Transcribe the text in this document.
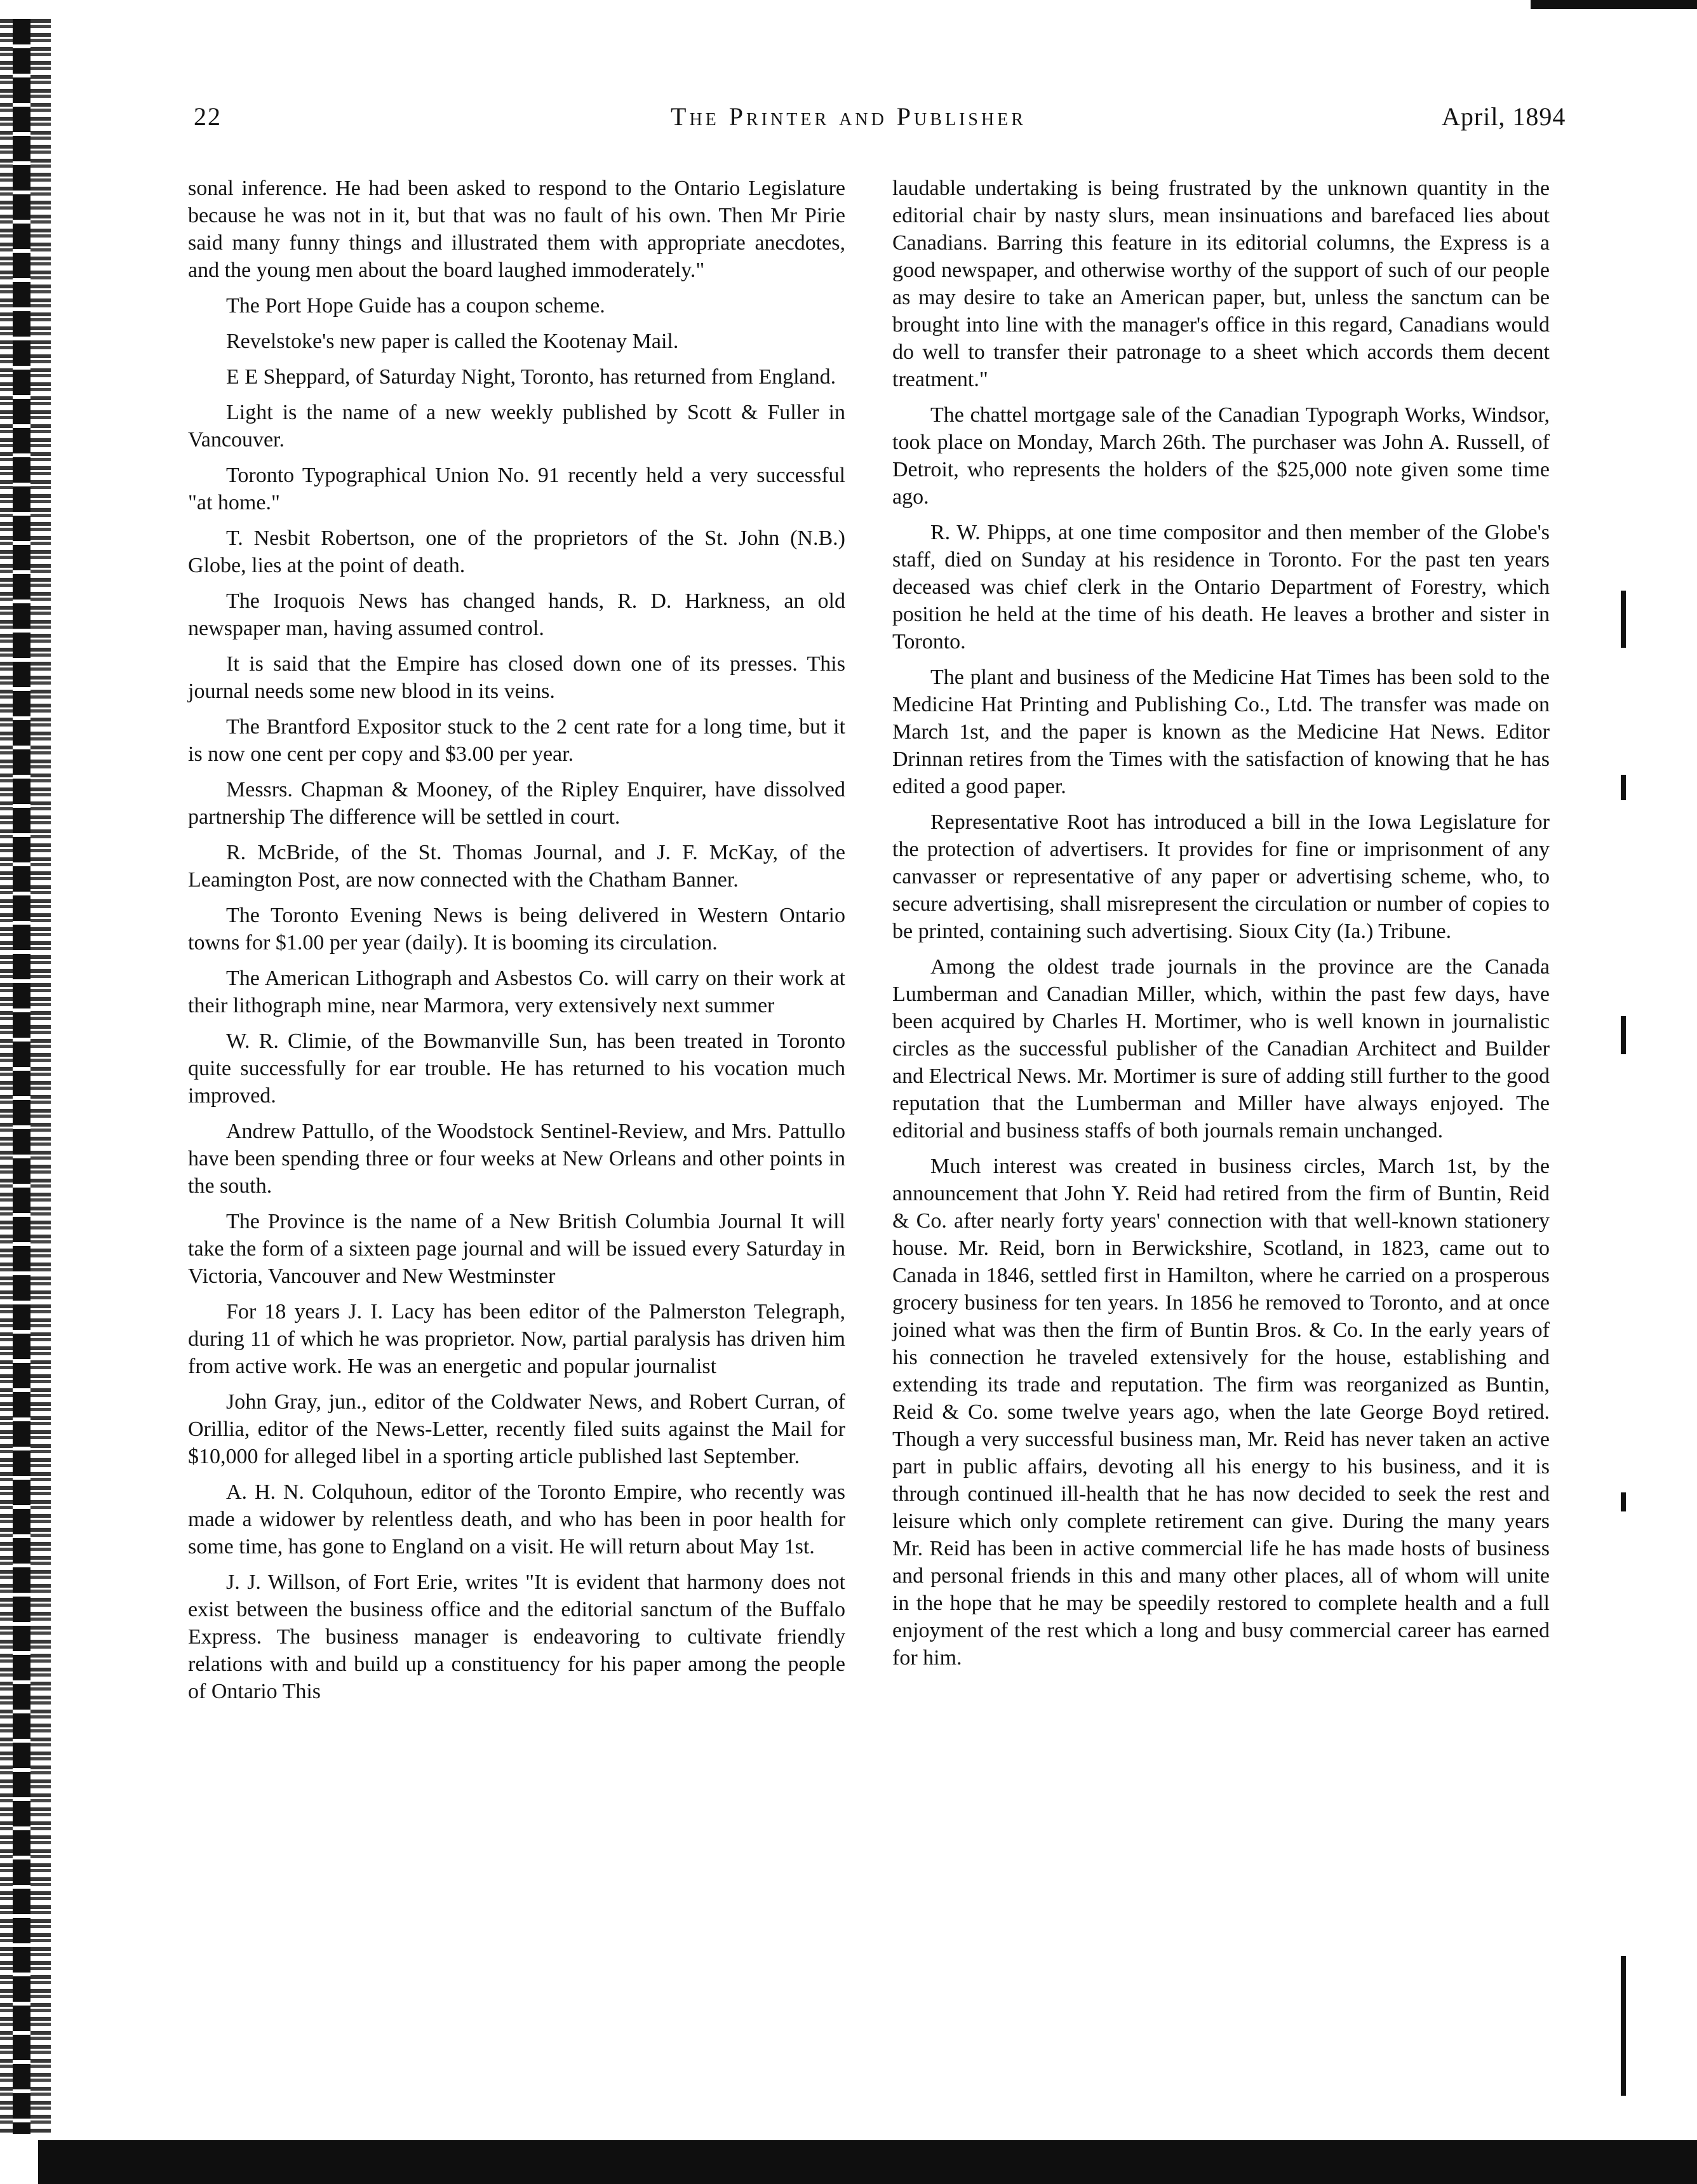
The Printer and Publisher
22	April, 1894

sonal inference. He had been asked to respond to the Ontario Legislature because he was not in it, but that was no fault of his own. Then Mr Pirie said many funny things and illustrated them with appropriate anecdotes, and the young men about the board laughed immoderately."

The Port Hope Guide has a coupon scheme.

Revelstoke's new paper is called the Kootenay Mail.

E E Sheppard, of Saturday Night, Toronto, has returned from England.

Light is the name of a new weekly published by Scott & Fuller in Vancouver.

Toronto Typographical Union No. 91 recently held a very successful "at home."

T. Nesbit Robertson, one of the proprietors of the St. John (N.B.) Globe, lies at the point of death.

The Iroquois News has changed hands, R. D. Harkness, an old newspaper man, having assumed control.

It is said that the Empire has closed down one of its presses. This journal needs some new blood in its veins.

The Brantford Expositor stuck to the 2 cent rate for a long time, but it is now one cent per copy and $3.00 per year.

Messrs. Chapman & Mooney, of the Ripley Enquirer, have dissolved partnership The difference will be settled in court.

R. McBride, of the St. Thomas Journal, and J. F. McKay, of the Leamington Post, are now connected with the Chatham Banner.

The Toronto Evening News is being delivered in Western Ontario towns for $1.00 per year (daily). It is booming its circulation.

The American Lithograph and Asbestos Co. will carry on their work at their lithograph mine, near Marmora, very extensively next summer

W. R. Climie, of the Bowmanville Sun, has been treated in Toronto quite successfully for ear trouble. He has returned to his vocation much improved.

Andrew Pattullo, of the Woodstock Sentinel-Review, and Mrs. Pattullo have been spending three or four weeks at New Orleans and other points in the south.

The Province is the name of a New British Columbia Journal It will take the form of a sixteen page journal and will be issued every Saturday in Victoria, Vancouver and New Westminster

For 18 years J. I. Lacy has been editor of the Palmerston Telegraph, during 11 of which he was proprietor. Now, partial paralysis has driven him from active work. He was an energetic and popular journalist

John Gray, jun., editor of the Coldwater News, and Robert Curran, of Orillia, editor of the News-Letter, recently filed suits against the Mail for $10,000 for alleged libel in a sporting article published last September.

A. H. N. Colquhoun, editor of the Toronto Empire, who recently was made a widower by relentless death, and who has been in poor health for some time, has gone to England on a visit. He will return about May 1st.

J. J. Willson, of Fort Erie, writes "It is evident that harmony does not exist between the business office and the editorial sanctum of the Buffalo Express. The business manager is endeavoring to cultivate friendly relations with and build up a constituency for his paper among the people of Ontario This

laudable undertaking is being frustrated by the unknown quantity in the editorial chair by nasty slurs, mean insinuations and barefaced lies about Canadians. Barring this feature in its editorial columns, the Express is a good newspaper, and otherwise worthy of the support of such of our people as may desire to take an American paper, but, unless the sanctum can be brought into line with the manager's office in this regard, Canadians would do well to transfer their patronage to a sheet which accords them decent treatment."

The chattel mortgage sale of the Canadian Typograph Works, Windsor, took place on Monday, March 26th. The purchaser was John A. Russell, of Detroit, who represents the holders of the $25,000 note given some time ago.

R. W. Phipps, at one time compositor and then member of the Globe's staff, died on Sunday at his residence in Toronto. For the past ten years deceased was chief clerk in the Ontario Department of Forestry, which position he held at the time of his death. He leaves a brother and sister in Toronto.

The plant and business of the Medicine Hat Times has been sold to the Medicine Hat Printing and Publishing Co., Ltd. The transfer was made on March 1st, and the paper is known as the Medicine Hat News. Editor Drinnan retires from the Times with the satisfaction of knowing that he has edited a good paper.

Representative Root has introduced a bill in the Iowa Legislature for the protection of advertisers. It provides for fine or imprisonment of any canvasser or representative of any paper or advertising scheme, who, to secure advertising, shall misrepresent the circulation or number of copies to be printed, containing such advertising. Sioux City (Ia.) Tribune.

Among the oldest trade journals in the province are the Canada Lumberman and Canadian Miller, which, within the past few days, have been acquired by Charles H. Mortimer, who is well known in journalistic circles as the successful publisher of the Canadian Architect and Builder and Electrical News. Mr. Mortimer is sure of adding still further to the good reputation that the Lumberman and Miller have always enjoyed. The editorial and business staffs of both journals remain unchanged.

Much interest was created in business circles, March 1st, by the announcement that John Y. Reid had retired from the firm of Buntin, Reid & Co. after nearly forty years' connection with that well-known stationery house. Mr. Reid, born in Berwickshire, Scotland, in 1823, came out to Canada in 1846, settled first in Hamilton, where he carried on a prosperous grocery business for ten years. In 1856 he removed to Toronto, and at once joined what was then the firm of Buntin Bros. & Co. In the early years of his connection he traveled extensively for the house, establishing and extending its trade and reputation. The firm was reorganized as Buntin, Reid & Co. some twelve years ago, when the late George Boyd retired. Though a very successful business man, Mr. Reid has never taken an active part in public affairs, devoting all his energy to his business, and it is through continued ill-health that he has now decided to seek the rest and leisure which only complete retirement can give. During the many years Mr. Reid has been in active commercial life he has made hosts of business and personal friends in this and many other places, all of whom will unite in the hope that he may be speedily restored to complete health and a full enjoyment of the rest which a long and busy commercial career has earned for him.
